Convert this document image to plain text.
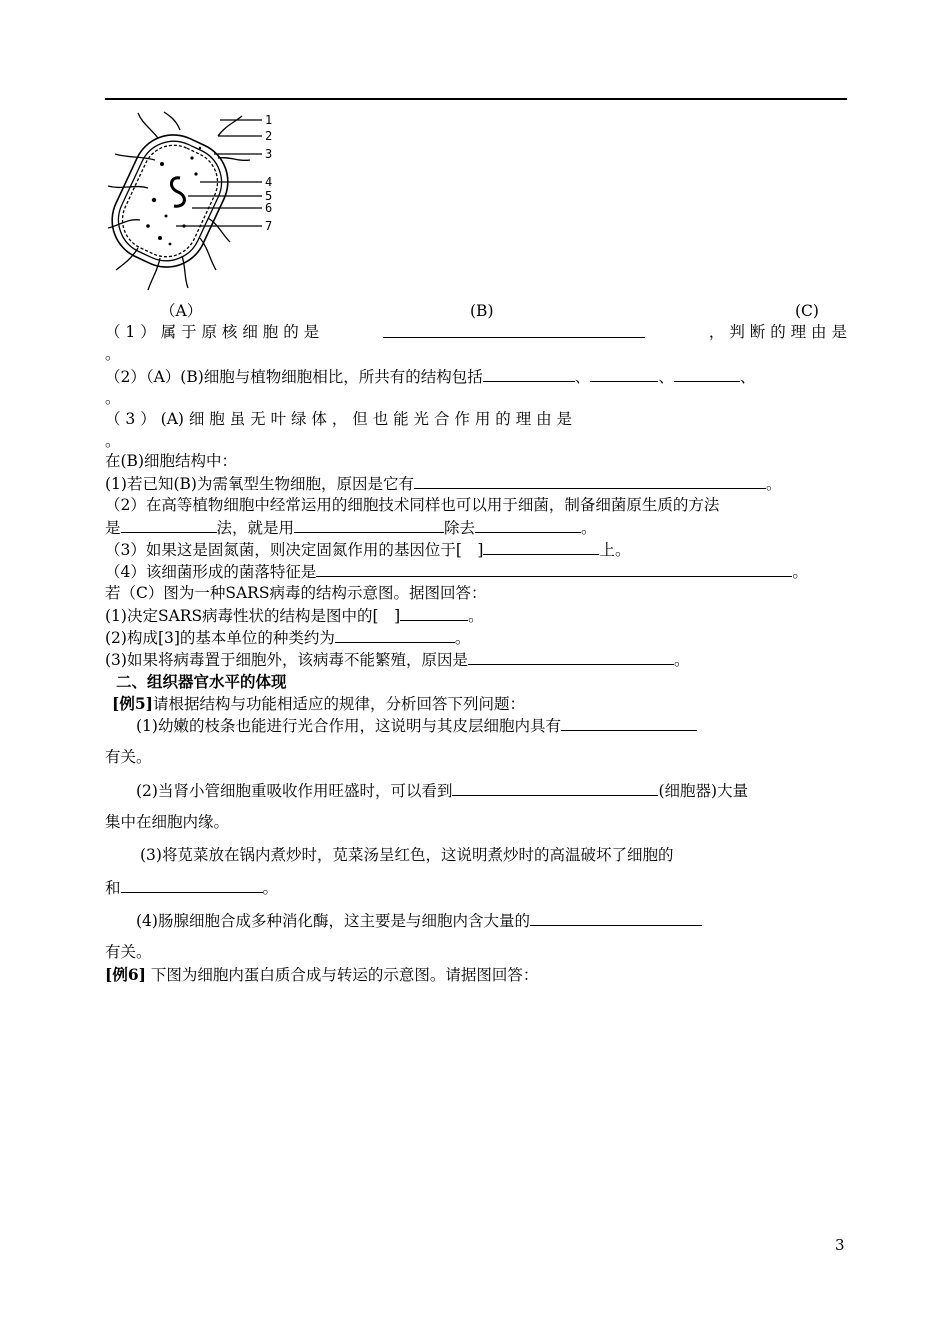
1
2
3
4
5
6
7
（A）	(B)	(C)
（ 1 ） 属 于 原 核 细 胞 的 是	， 判 断 的 理 由 是
。
（2）（A）(B)细胞与植物细胞相比，所共有的结构包括	、	、	、
。
（ 3 ） (A) 细 胞 虽 无 叶 绿 体 ， 但 也 能 光 合 作 用 的 理 由 是
。
在(B)细胞结构中：
(1)若已知(B)为需氧型生物细胞，原因是它有	。
（2）在高等植物细胞中经常运用的细胞技术同样也可以用于细菌，制备细菌原生质的方法
是	法，就是用	除去	。
（3）如果这是固氮菌，则决定固氮作用的基因位于[　]	上。
（4）该细菌形成的菌落特征是	。
若（C）图为一种SARS病毒的结构示意图。据图回答：
(1)决定SARS病毒性状的结构是图中的[　]	。
(2)构成[3]的基本单位的种类约为	。
(3)如果将病毒置于细胞外，该病毒不能繁殖，原因是	。
二、组织器官水平的体现
[例5]请根据结构与功能相适应的规律，分析回答下列问题：
(1)幼嫩的枝条也能进行光合作用，这说明与其皮层细胞内具有
有关。
(2)当肾小管细胞重吸收作用旺盛时，可以看到	(细胞器)大量
集中在细胞内缘。
(3)将苋菜放在锅内煮炒时，苋菜汤呈红色，这说明煮炒时的高温破坏了细胞的
和	。
(4)肠腺细胞合成多种消化酶，这主要是与细胞内含大量的
有关。
[例6] 下图为细胞内蛋白质合成与转运的示意图。请据图回答：
3
